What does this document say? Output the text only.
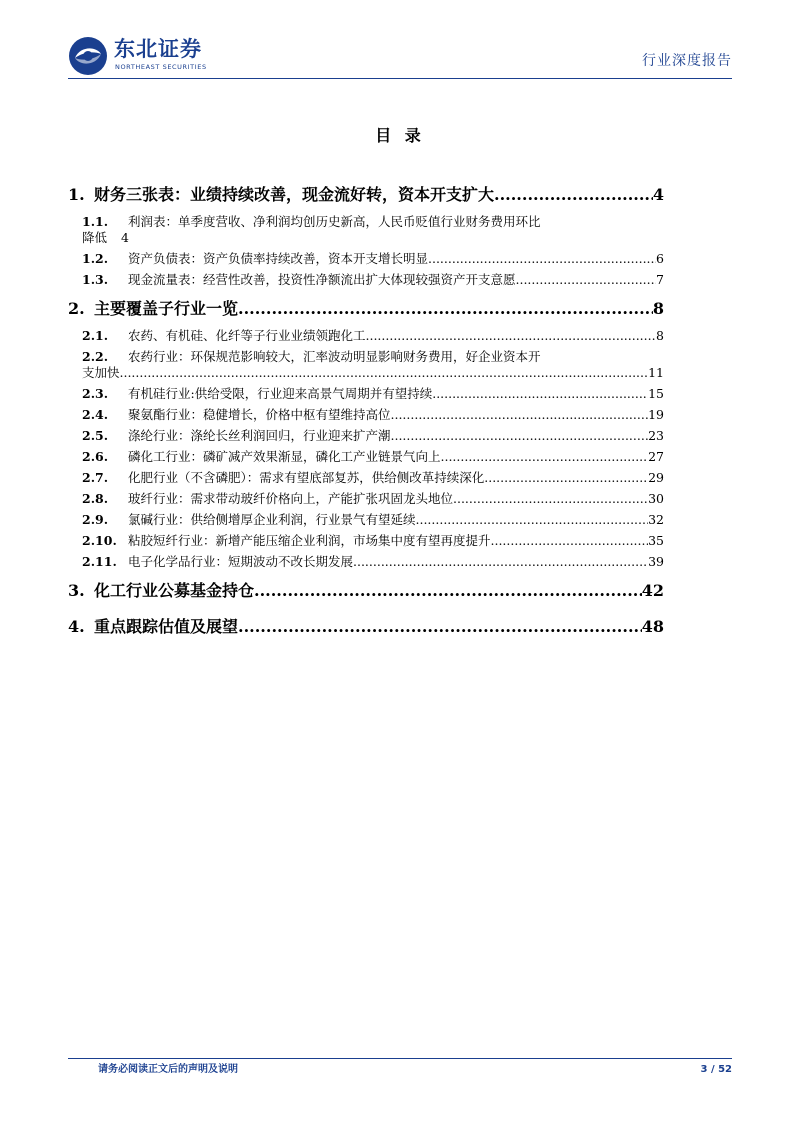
东北证券
NORTHEAST SECURITIES	行业深度报告
目 录
1. 财务三张表：业绩持续改善，现金流好转，资本开支扩大 .....	4
1.1.	利润表：单季度营收、净利润均创历史新高，人民币贬值行业财务费用环比
降低	4
1.2.	资产负债表：资产负债率持续改善，资本开支增长明显 .....	6
1.3.	现金流量表：经营性改善，投资性净额流出扩大体现较强资产开支意愿 .....	7
2. 主要覆盖子行业一览 .....	8
2.1.	农药、有机硅、化纤等子行业业绩领跑化工 .....	8
2.2.	农药行业：环保规范影响较大，汇率波动明显影响财务费用，好企业资本开
支加快 .....	11
2.3.	有机硅行业:供给受限，行业迎来高景气周期并有望持续 .....	15
2.4.	聚氨酯行业：稳健增长，价格中枢有望维持高位 .....	19
2.5.	涤纶行业：涤纶长丝利润回归，行业迎来扩产潮 .....	23
2.6.	磷化工行业：磷矿减产效果渐显，磷化工产业链景气向上 .....	27
2.7.	化肥行业（不含磷肥）：需求有望底部复苏，供给侧改革持续深化 .....	29
2.8.	玻纤行业：需求带动玻纤价格向上，产能扩张巩固龙头地位 .....	30
2.9.	氯碱行业：供给侧增厚企业利润，行业景气有望延续 .....	32
2.10. 粘胶短纤行业：新增产能压缩企业利润，市场集中度有望再度提升 .....	35
2.11. 电子化学品行业：短期波动不改长期发展 .....	39
3. 化工行业公募基金持仓 .....	42
4. 重点跟踪估值及展望 .....	48
请务必阅读正文后的声明及说明	3 / 52
